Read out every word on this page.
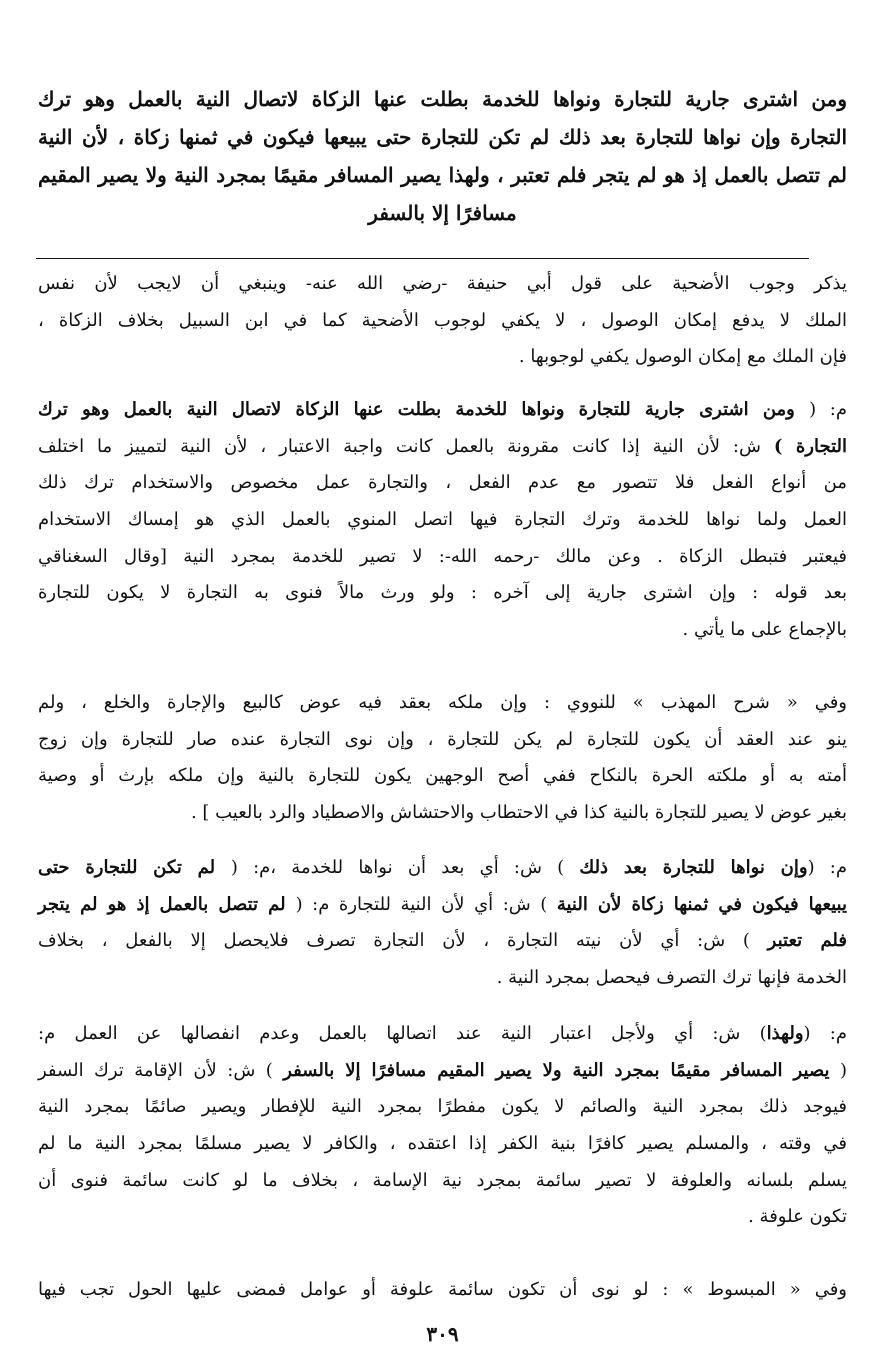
ومن اشترى جارية للتجارة ونواها للخدمة بطلت عنها الزكاة لاتصال النية بالعمل وهو ترك
التجارة وإن نواها للتجارة بعد ذلك لم تكن للتجارة حتى يبيعها فيكون في ثمنها زكاة ، لأن النية
لم تتصل بالعمل إذ هو لم يتجر فلم تعتبر ، ولهذا يصير المسافر مقيمًا بمجرد النية ولا يصير المقيم
مسافرًا إلا بالسفر
يذكر وجوب الأضحية على قول أبي حنيفة -رضي الله عنه- وينبغي أن لايجب لأن نفس
الملك لا يدفع إمكان الوصول ، لا يكفي لوجوب الأضحية كما في ابن السبيل بخلاف الزكاة ،
فإن الملك مع إمكان الوصول يكفي لوجوبها .
م: ( ومن اشترى جارية للتجارة ونواها للخدمة بطلت عنها الزكاة لاتصال النية بالعمل وهو ترك
التجارة ) ش: لأن النية إذا كانت مقرونة بالعمل كانت واجبة الاعتبار ، لأن النية لتمييز ما اختلف
من أنواع الفعل فلا تتصور مع عدم الفعل ، والتجارة عمل مخصوص والاستخدام ترك ذلك
العمل ولما نواها للخدمة وترك التجارة فيها اتصل المنوي بالعمل الذي هو إمساك الاستخدام
فيعتبر فتبطل الزكاة . وعن مالك -رحمه الله-: لا تصير للخدمة بمجرد النية [وقال السغناقي
بعد قوله : وإن اشترى جارية إلى آخره : ولو ورث مالاً فنوى به التجارة لا يكون للتجارة
بالإجماع على ما يأتي .
وفي « شرح المهذب » للنووي : وإن ملكه بعقد فيه عوض كالبيع والإجارة والخلع ، ولم
ينو عند العقد أن يكون للتجارة لم يكن للتجارة ، وإن نوى التجارة عنده صار للتجارة وإن زوج
أمته به أو ملكته الحرة بالنكاح ففي أصح الوجهين يكون للتجارة بالنية وإن ملكه بإرث أو وصية
بغير عوض لا يصير للتجارة بالنية كذا في الاحتطاب والاحتشاش والاصطياد والرد بالعيب ] .
م: (وإن نواها للتجارة بعد ذلك ) ش: أي بعد أن نواها للخدمة ،م: ( لم تكن للتجارة حتى
يبيعها فيكون في ثمنها زكاة لأن النية ) ش: أي لأن النية للتجارة م: ( لم تتصل بالعمل إذ هو لم يتجر
فلم تعتبر ) ش: أي لأن نيته التجارة ، لأن التجارة تصرف فلايحصل إلا بالفعل ، بخلاف
الخدمة فإنها ترك التصرف فيحصل بمجرد النية .
م: (ولهذا) ش: أي ولأجل اعتبار النية عند اتصالها بالعمل وعدم انفصالها عن العمل م:
( يصير المسافر مقيمًا بمجرد النية ولا يصير المقيم مسافرًا إلا بالسفر ) ش: لأن الإقامة ترك السفر
فيوجد ذلك بمجرد النية والصائم لا يكون مفطرًا بمجرد النية للإفطار ويصير صائمًا بمجرد النية
في وقته ، والمسلم يصير كافرًا بنية الكفر إذا اعتقده ، والكافر لا يصير مسلمًا بمجرد النية ما لم
يسلم بلسانه والعلوفة لا تصير سائمة بمجرد نية الإسامة ، بخلاف ما لو كانت سائمة فنوى أن
تكون علوفة .
وفي « المبسوط » : لو نوى أن تكون سائمة علوفة أو عوامل فمضى عليها الحول تجب فيها
٣٠٩
